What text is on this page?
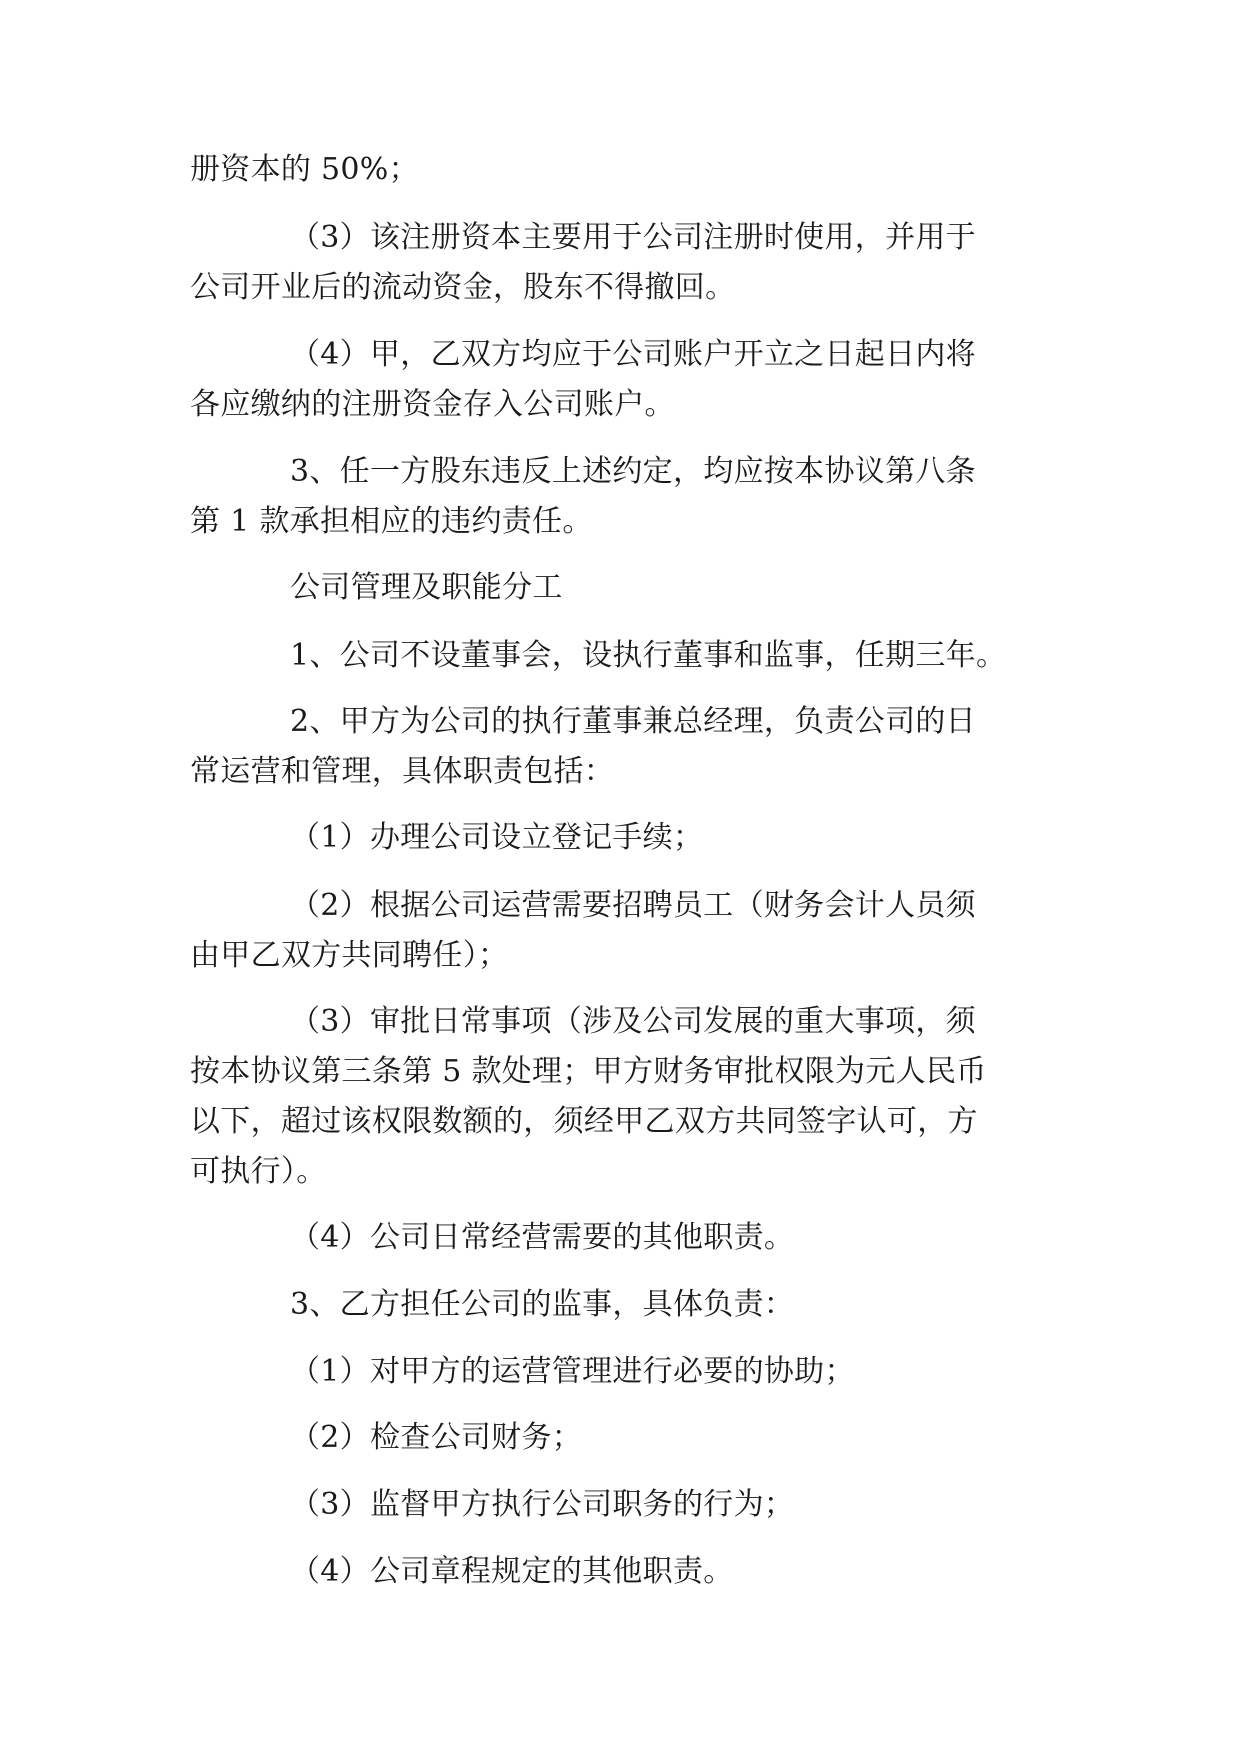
册资本的 50%；
（3）该注册资本主要用于公司注册时使用，并用于
公司开业后的流动资金，股东不得撤回。
（4）甲，乙双方均应于公司账户开立之日起日内将
各应缴纳的注册资金存入公司账户。
3、任一方股东违反上述约定，均应按本协议第八条
第 1 款承担相应的违约责任。
公司管理及职能分工
1、公司不设董事会，设执行董事和监事，任期三年。
2、甲方为公司的执行董事兼总经理，负责公司的日
常运营和管理，具体职责包括：
（1）办理公司设立登记手续；
（2）根据公司运营需要招聘员工（财务会计人员须
由甲乙双方共同聘任）；
（3）审批日常事项（涉及公司发展的重大事项，须
按本协议第三条第 5 款处理；甲方财务审批权限为元人民币
以下，超过该权限数额的，须经甲乙双方共同签字认可，方
可执行）。
（4）公司日常经营需要的其他职责。
3、乙方担任公司的监事，具体负责：
（1）对甲方的运营管理进行必要的协助；
（2）检查公司财务；
（3）监督甲方执行公司职务的行为；
（4）公司章程规定的其他职责。
